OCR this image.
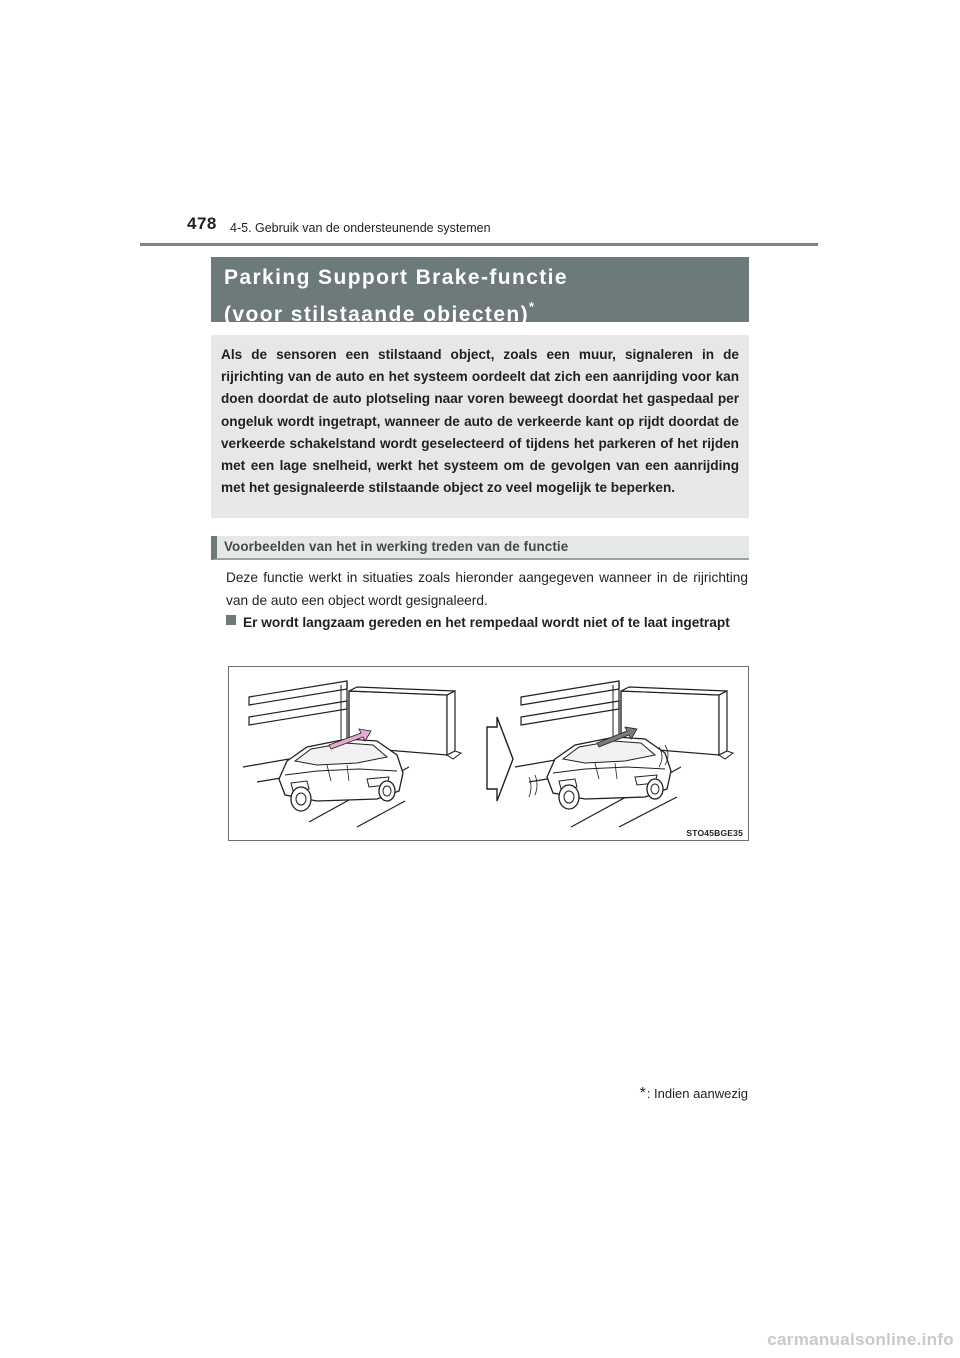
478 4-5. Gebruik van de ondersteunende systemen
Parking Support Brake-functie
(voor stilstaande objecten)*

Als de sensoren een stilstaand object, zoals een muur, signaleren in de rijrichting van de auto en het systeem oordeelt dat zich een aanrijding voor kan doen doordat de auto plotseling naar voren beweegt doordat het gaspedaal per ongeluk wordt ingetrapt, wanneer de auto de verkeerde kant op rijdt doordat de verkeerde schakelstand wordt geselecteerd of tijdens het parkeren of het rijden met een lage snelheid, werkt het systeem om de gevolgen van een aanrijding met het gesignaleerde stilstaande object zo veel mogelijk te beperken.

Voorbeelden van het in werking treden van de functie

Deze functie werkt in situaties zoals hieronder aangegeven wanneer in de rijrichting van de auto een object wordt gesignaleerd.

Er wordt langzaam gereden en het rempedaal wordt niet of te laat ingetrapt

STO45BGE35
*: Indien aanwezig
carmanualsonline.info
